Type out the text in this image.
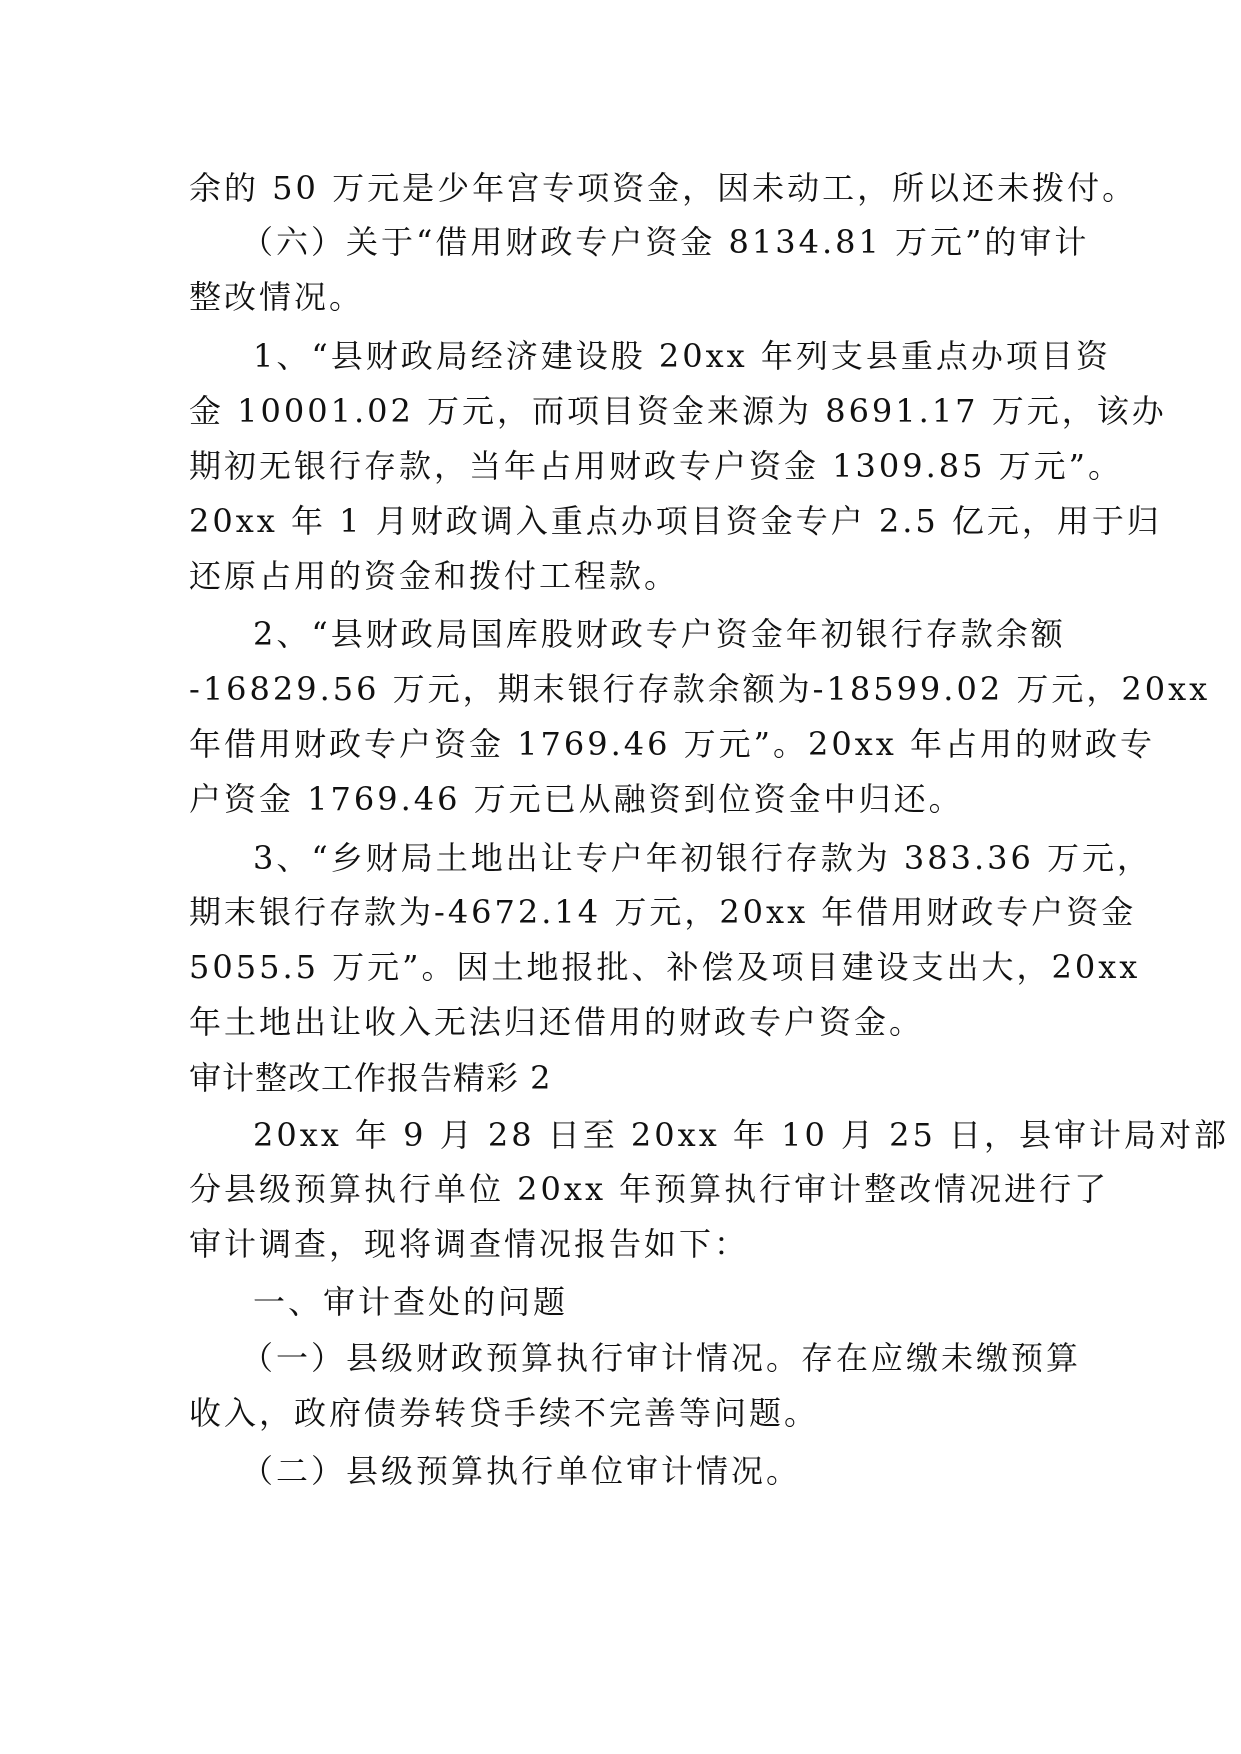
余的 50 万元是少年宫专项资金，因未动工，所以还未拨付。
（六）关于“借用财政专户资金 8134.81 万元”的审计
整改情况。
1、“县财政局经济建设股 20xx 年列支县重点办项目资
金 10001.02 万元，而项目资金来源为 8691.17 万元，该办
期初无银行存款，当年占用财政专户资金 1309.85 万元”。
20xx 年 1 月财政调入重点办项目资金专户 2.5 亿元，用于归
还原占用的资金和拨付工程款。
2、“县财政局国库股财政专户资金年初银行存款余额
-16829.56 万元，期末银行存款余额为-18599.02 万元，20xx
年借用财政专户资金 1769.46 万元”。20xx 年占用的财政专
户资金 1769.46 万元已从融资到位资金中归还。
3、“乡财局土地出让专户年初银行存款为 383.36 万元，
期末银行存款为-4672.14 万元，20xx 年借用财政专户资金
5055.5 万元”。因土地报批、补偿及项目建设支出大，20xx
年土地出让收入无法归还借用的财政专户资金。
审计整改工作报告精彩 2
20xx 年 9 月 28 日至 20xx 年 10 月 25 日，县审计局对部
分县级预算执行单位 20xx 年预算执行审计整改情况进行了
审计调查，现将调查情况报告如下：
一、审计查处的问题
（一）县级财政预算执行审计情况。存在应缴未缴预算
收入，政府债券转贷手续不完善等问题。
（二）县级预算执行单位审计情况。
